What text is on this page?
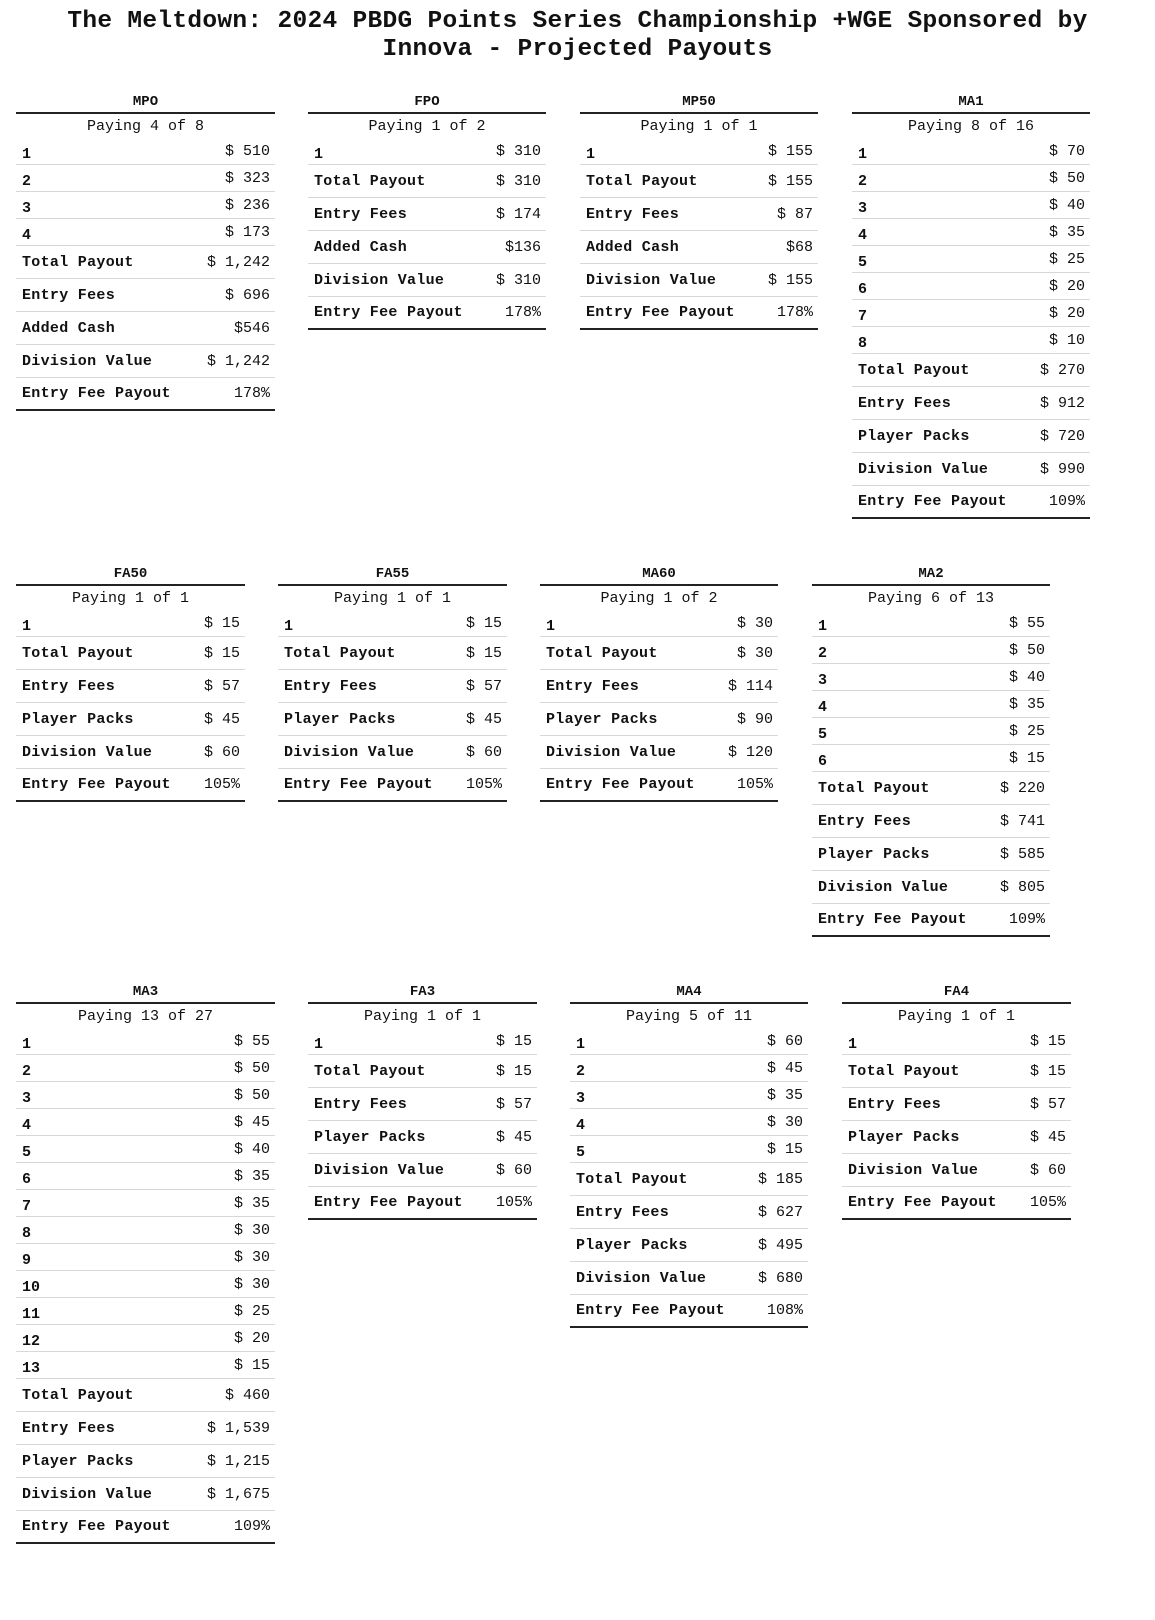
The Meltdown: 2024 PBDG Points Series Championship +WGE Sponsored by
Innova - Projected Payouts
MPO
Paying 4 of 8
1	$ 510
2	$ 323
3	$ 236
4	$ 173
Total Payout	$ 1,242
Entry Fees	$ 696
Added Cash	$546
Division Value	$ 1,242
Entry Fee Payout	178%
FPO
Paying 1 of 2
1	$ 310
Total Payout	$ 310
Entry Fees	$ 174
Added Cash	$136
Division Value	$ 310
Entry Fee Payout	178%
MP50
Paying 1 of 1
1	$ 155
Total Payout	$ 155
Entry Fees	$ 87
Added Cash	$68
Division Value	$ 155
Entry Fee Payout	178%
MA1
Paying 8 of 16
1	$ 70
2	$ 50
3	$ 40
4	$ 35
5	$ 25
6	$ 20
7	$ 20
8	$ 10
Total Payout	$ 270
Entry Fees	$ 912
Player Packs	$ 720
Division Value	$ 990
Entry Fee Payout	109%
FA50
Paying 1 of 1
1	$ 15
Total Payout	$ 15
Entry Fees	$ 57
Player Packs	$ 45
Division Value	$ 60
Entry Fee Payout 105%
FA55
Paying 1 of 1
1	$ 15
Total Payout	$ 15
Entry Fees	$ 57
Player Packs	$ 45
Division Value	$ 60
Entry Fee Payout 105%
MA60
Paying 1 of 2
1	$ 30
Total Payout	$ 30
Entry Fees	$ 114
Player Packs	$ 90
Division Value	$ 120
Entry Fee Payout	105%
MA2
Paying 6 of 13
1	$ 55
2	$ 50
3	$ 40
4	$ 35
5	$ 25
6	$ 15
Total Payout	$ 220
Entry Fees	$ 741
Player Packs	$ 585
Division Value	$ 805
Entry Fee Payout	109%
MA3
Paying 13 of 27
1	$ 55
2	$ 50
3	$ 50
4	$ 45
5	$ 40
6	$ 35
7	$ 35
8	$ 30
9	$ 30
10	$ 30
11	$ 25
12	$ 20
13	$ 15
Total Payout	$ 460
Entry Fees	$ 1,539
Player Packs	$ 1,215
Division Value	$ 1,675
Entry Fee Payout	109%
FA3
Paying 1 of 1
1	$ 15
Total Payout	$ 15
Entry Fees	$ 57
Player Packs	$ 45
Division Value	$ 60
Entry Fee Payout 105%
MA4
Paying 5 of 11
1	$ 60
2	$ 45
3	$ 35
4	$ 30
5	$ 15
Total Payout	$ 185
Entry Fees	$ 627
Player Packs	$ 495
Division Value	$ 680
Entry Fee Payout	108%
FA4
Paying 1 of 1
1	$ 15
Total Payout	$ 15
Entry Fees	$ 57
Player Packs	$ 45
Division Value	$ 60
Entry Fee Payout 105%
